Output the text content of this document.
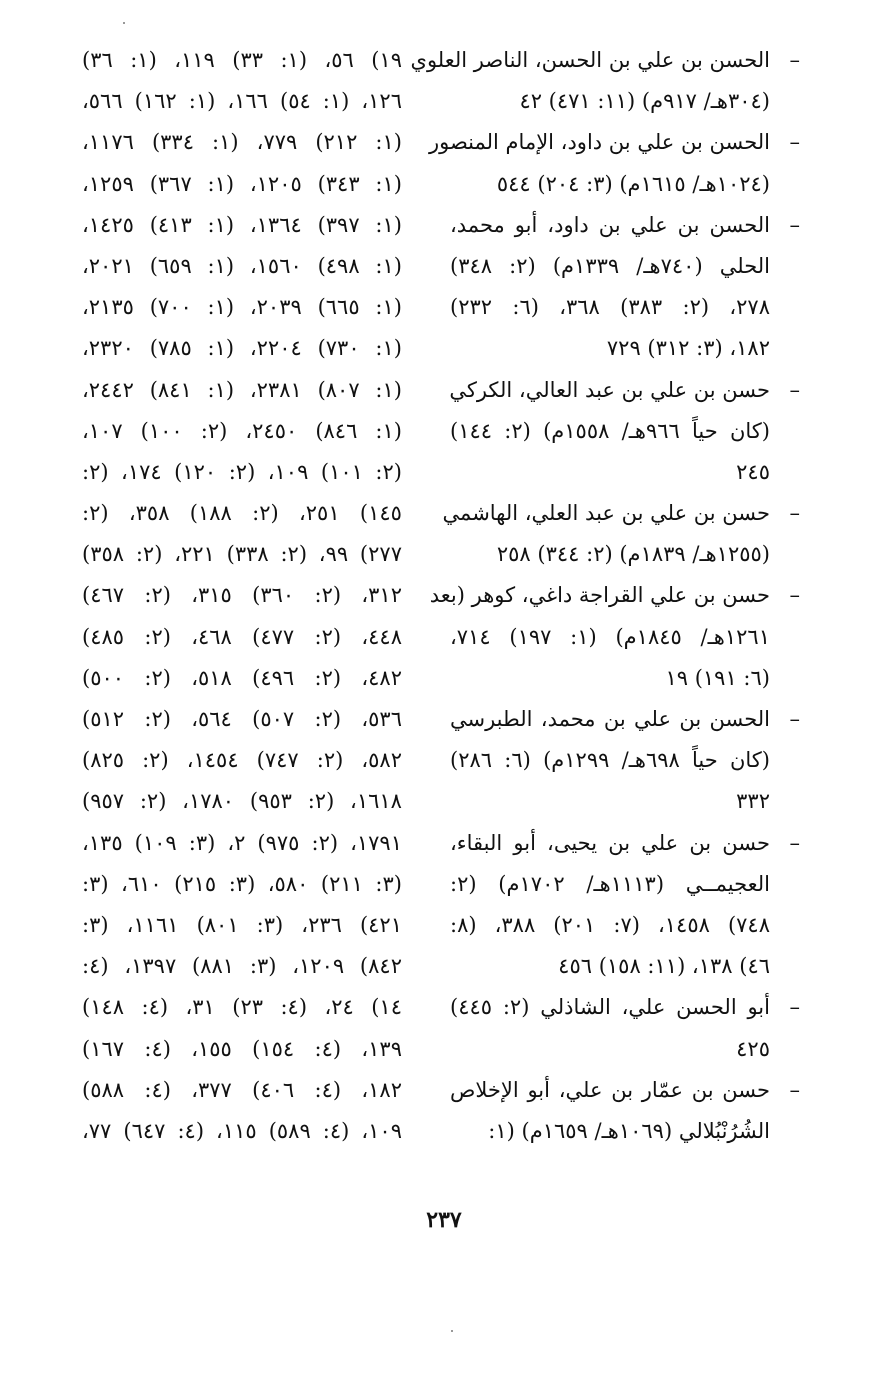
–
الحسن بن علي بن الحسن، الناصر العلوي
(٣٠٤هـ/ ٩١٧م) (١١: ٤٧١) ٤٢
–
الحسن بن علي بن داود، الإمام المنصور
(١٠٢٤هـ/ ١٦١٥م) (٣: ٢٠٤) ٥٤٤
–
الحسن بن علي بن داود، أبو محمد،
الحلي (٧٤٠هـ/ ١٣٣٩م) (٢: ٣٤٨)
٢٧٨، (٢: ٣٨٣) ٣٦٨، (٦: ٢٣٢)
١٨٢، (٣: ٣١٢) ٧٢٩
–
حسن بن علي بن عبد العالي، الكركي
(كان حياً ٩٦٦هـ/ ١٥٥٨م) (٢: ١٤٤)
٢٤٥
–
حسن بن علي بن عبد العلي، الهاشمي
(١٢٥٥هـ/ ١٨٣٩م) (٢: ٣٤٤) ٢٥٨
–
حسن بن علي القراجة داغي، كوهر (بعد
١٢٦١هـ/ ١٨٤٥م) (١: ١٩٧) ٧١٤،
(٦: ١٩١) ١٩
–
الحسن بن علي بن محمد، الطبرسي
(كان حياً ٦٩٨هـ/ ١٢٩٩م) (٦: ٢٨٦)
٣٣٢
–
حسن بن علي بن يحيى، أبو البقاء،
العجيمــي (١١١٣هـ/ ١٧٠٢م) (٢:
٧٤٨) ١٤٥٨، (٧: ٢٠١) ٣٨٨، (٨:
٤٦) ١٣٨، (١١: ١٥٨) ٤٥٦
–
أبو الحسن علي، الشاذلي (٢: ٤٤٥)
٤٢٥
–
حسن بن عمّار بن علي، أبو الإخلاص
الشُرُنْبُلالي (١٠٦٩هـ/ ١٦٥٩م) (١:
١٩) ٥٦، (١: ٣٣) ١١٩، (١: ٣٦)
١٢٦، (١: ٥٤) ١٦٦، (١: ١٦٢) ٥٦٦،
(١: ٢١٢) ٧٧٩، (١: ٣٣٤) ١١٧٦،
(١: ٣٤٣) ١٢٠٥، (١: ٣٦٧) ١٢٥٩،
(١: ٣٩٧) ١٣٦٤، (١: ٤١٣) ١٤٢٥،
(١: ٤٩٨) ١٥٦٠، (١: ٦٥٩) ٢٠٢١،
(١: ٦٦٥) ٢٠٣٩، (١: ٧٠٠) ٢١٣٥،
(١: ٧٣٠) ٢٢٠٤، (١: ٧٨٥) ٢٣٢٠،
(١: ٨٠٧) ٢٣٨١، (١: ٨٤١) ٢٤٤٢،
(١: ٨٤٦) ٢٤٥٠، (٢: ١٠٠) ١٠٧،
(٢: ١٠١) ١٠٩، (٢: ١٢٠) ١٧٤، (٢:
١٤٥) ٢٥١، (٢: ١٨٨) ٣٥٨، (٢:
٢٧٧) ٩٩، (٢: ٣٣٨) ٢٢١، (٢: ٣٥٨)
٣١٢، (٢: ٣٦٠) ٣١٥، (٢: ٤٦٧)
٤٤٨، (٢: ٤٧٧) ٤٦٨، (٢: ٤٨٥)
٤٨٢، (٢: ٤٩٦) ٥١٨، (٢: ٥٠٠)
٥٣٦، (٢: ٥٠٧) ٥٦٤، (٢: ٥١٢)
٥٨٢، (٢: ٧٤٧) ١٤٥٤، (٢: ٨٢٥)
١٦١٨، (٢: ٩٥٣) ١٧٨٠، (٢: ٩٥٧)
١٧٩١، (٢: ٩٧٥) ٢، (٣: ١٠٩) ١٣٥،
(٣: ٢١١) ٥٨٠، (٣: ٢١٥) ٦١٠، (٣:
٤٢١) ٢٣٦، (٣: ٨٠١) ١١٦١، (٣:
٨٤٢) ١٢٠٩، (٣: ٨٨١) ١٣٩٧، (٤:
١٤) ٢٤، (٤: ٢٣) ٣١، (٤: ١٤٨)
١٣٩، (٤: ١٥٤) ١٥٥، (٤: ١٦٧)
١٨٢، (٤: ٤٠٦) ٣٧٧، (٤: ٥٨٨)
١٠٩، (٤: ٥٨٩) ١١٥، (٤: ٦٤٧) ٧٧،
٢٣٧
